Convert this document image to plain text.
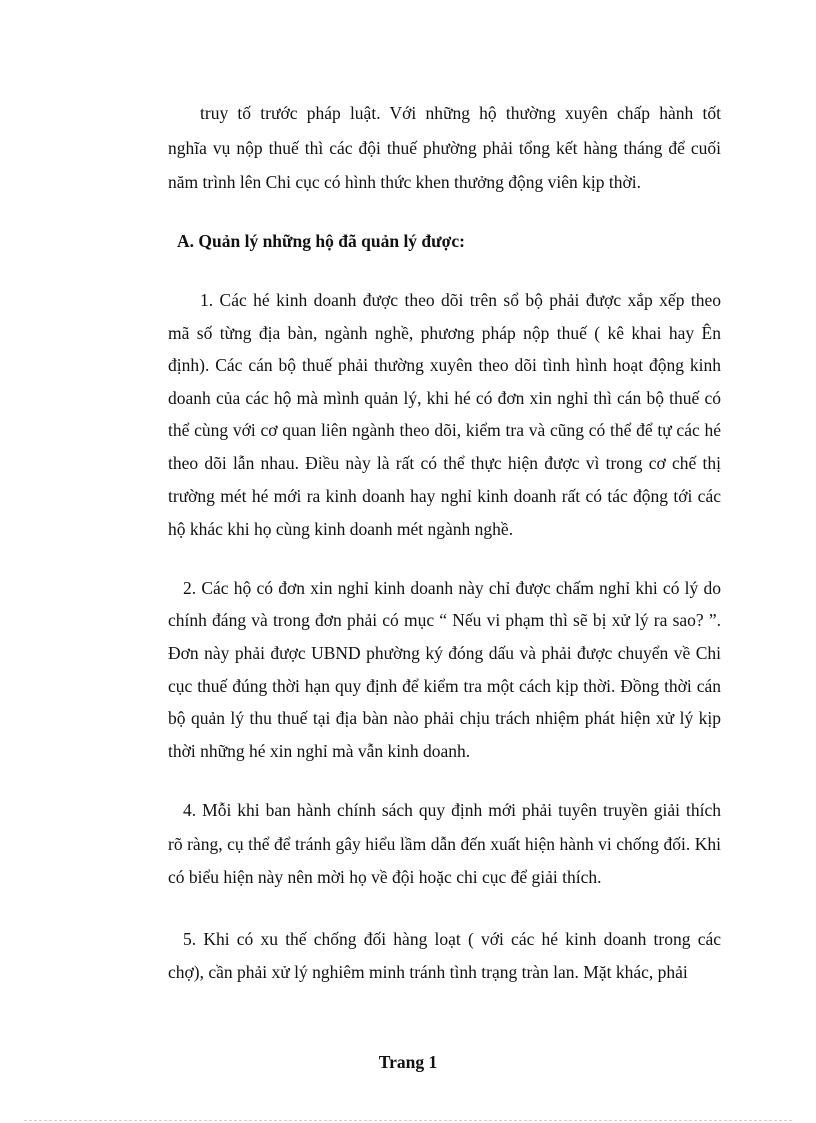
truy tố trước pháp luật. Với những hộ thường xuyên chấp hành tốt
nghĩa vụ nộp thuế thì các đội thuế phường phải tổng kết hàng tháng để cuối
năm trình lên Chi cục có hình thức khen thưởng động viên kịp thời.
A. Quản lý những hộ đã quản lý được:
1. Các hé kinh doanh được theo dõi trên sổ bộ phải được xắp xếp theo
mã số từng địa bàn, ngành nghề, phương pháp nộp thuế ( kê khai hay Ên
định). Các cán bộ thuế phải thường xuyên theo dõi tình hình hoạt động kinh
doanh của các hộ mà mình quản lý, khi hé có đơn xin nghỉ thì cán bộ thuế có
thể cùng với cơ quan liên ngành theo dõi, kiểm tra và cũng có thể để tự các hé
theo dõi lẫn nhau. Điều này là rất có thể thực hiện được vì trong cơ chế thị
trường mét hé mới ra kinh doanh hay nghỉ kinh doanh rất có tác động tới các
hộ khác khi họ cùng kinh doanh mét ngành nghề.
2. Các hộ có đơn xin nghỉ kinh doanh này chỉ được chấm nghỉ khi có lý do
chính đáng và trong đơn phải có mục “ Nếu vi phạm thì sẽ bị xử lý ra sao? ”.
Đơn này phải được UBND phường ký đóng dấu và phải được chuyển về Chi
cục thuế đúng thời hạn quy định để kiểm tra một cách kịp thời. Đồng thời cán
bộ quản lý thu thuế tại địa bàn nào phải chịu trách nhiệm phát hiện xử lý kịp
thời những hé xin nghỉ mà vẫn kinh doanh.
4. Mỗi khi ban hành chính sách quy định mới phải tuyên truyền giải thích
rõ ràng, cụ thể để tránh gây hiểu lầm dẫn đến xuất hiện hành vi chống đối. Khi
có biểu hiện này nên mời họ về đội hoặc chi cục để giải thích.
5. Khi có xu thế chống đối hàng loạt ( với các hé kinh doanh trong các
chợ), cần phải xử lý nghiêm minh tránh tình trạng tràn lan. Mặt khác, phải
Trang 1
